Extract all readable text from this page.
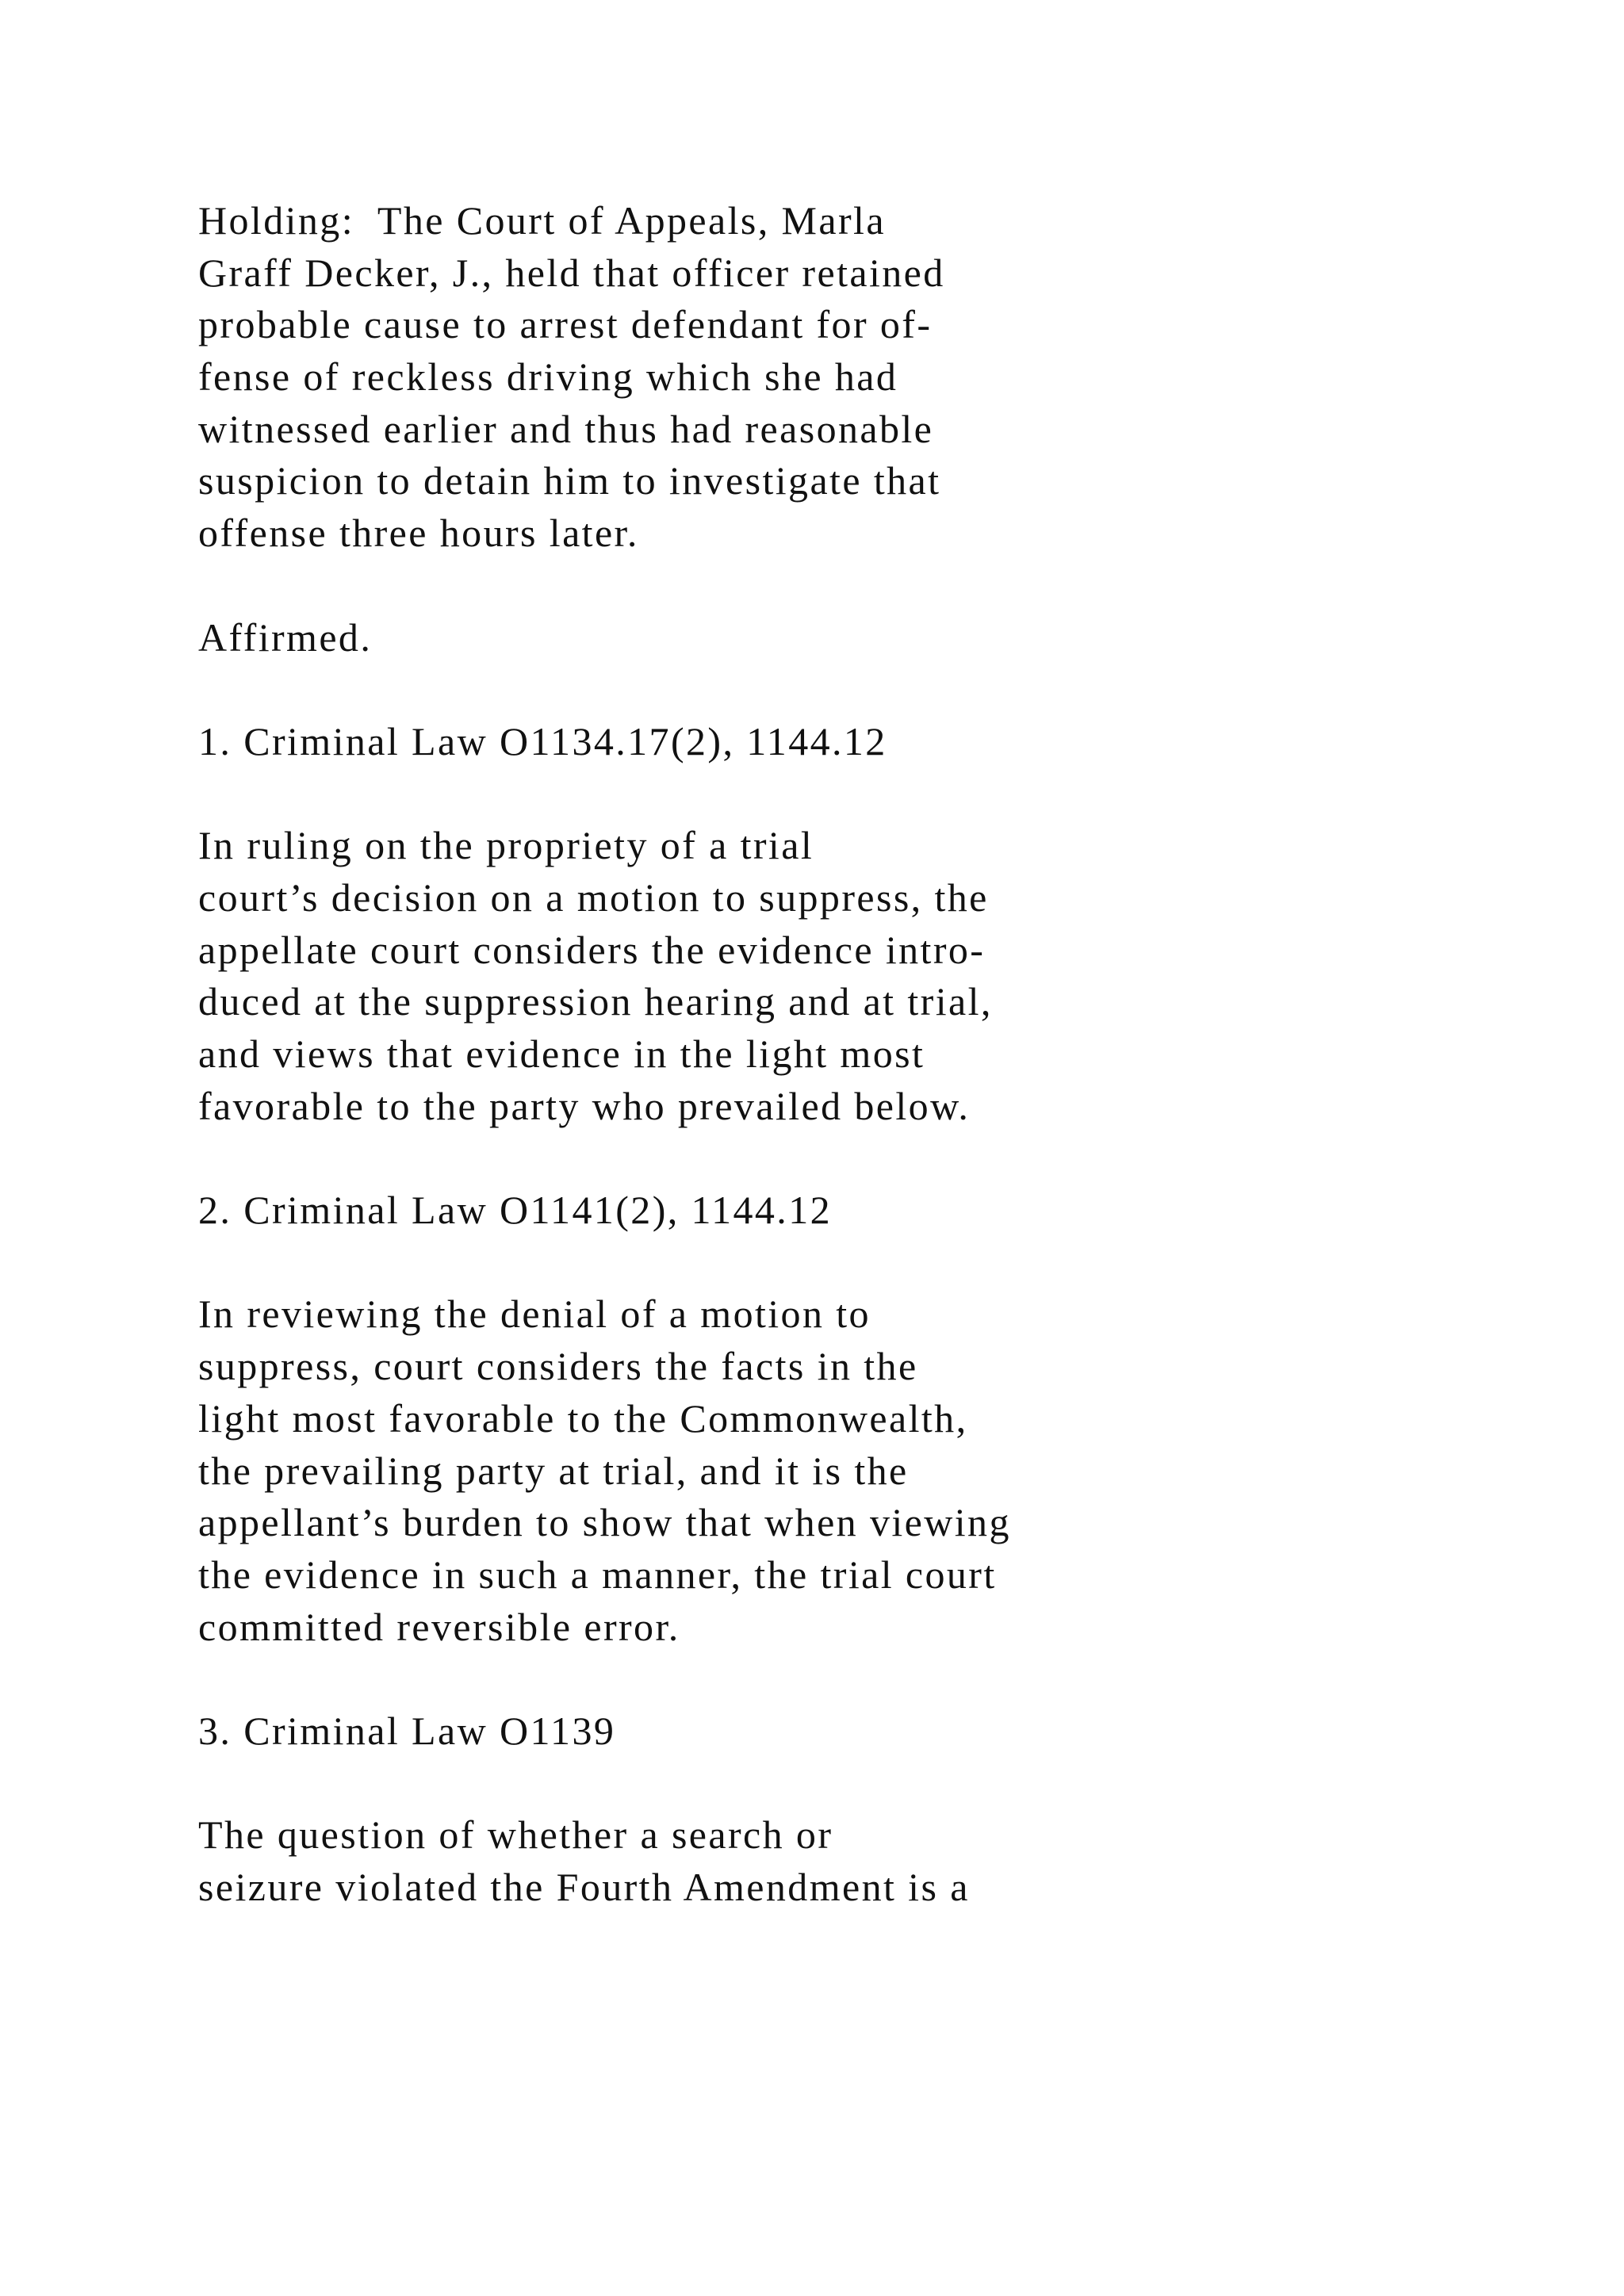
Holding:  The Court of Appeals, Marla
Graff Decker, J., held that officer retained
probable cause to arrest defendant for of-
fense of reckless driving which she had
witnessed earlier and thus had reasonable
suspicion to detain him to investigate that
offense three hours later.
Affirmed.
1. Criminal Law O1134.17(2), 1144.12
In ruling on the propriety of a trial
court’s decision on a motion to suppress, the
appellate court considers the evidence intro-
duced at the suppression hearing and at trial,
and views that evidence in the light most
favorable to the party who prevailed below.
2. Criminal Law O1141(2), 1144.12
In reviewing the denial of a motion to
suppress, court considers the facts in the
light most favorable to the Commonwealth,
the prevailing party at trial, and it is the
appellant’s burden to show that when viewing
the evidence in such a manner, the trial court
committed reversible error.
3. Criminal Law O1139
The question of whether a search or
seizure violated the Fourth Amendment is a
